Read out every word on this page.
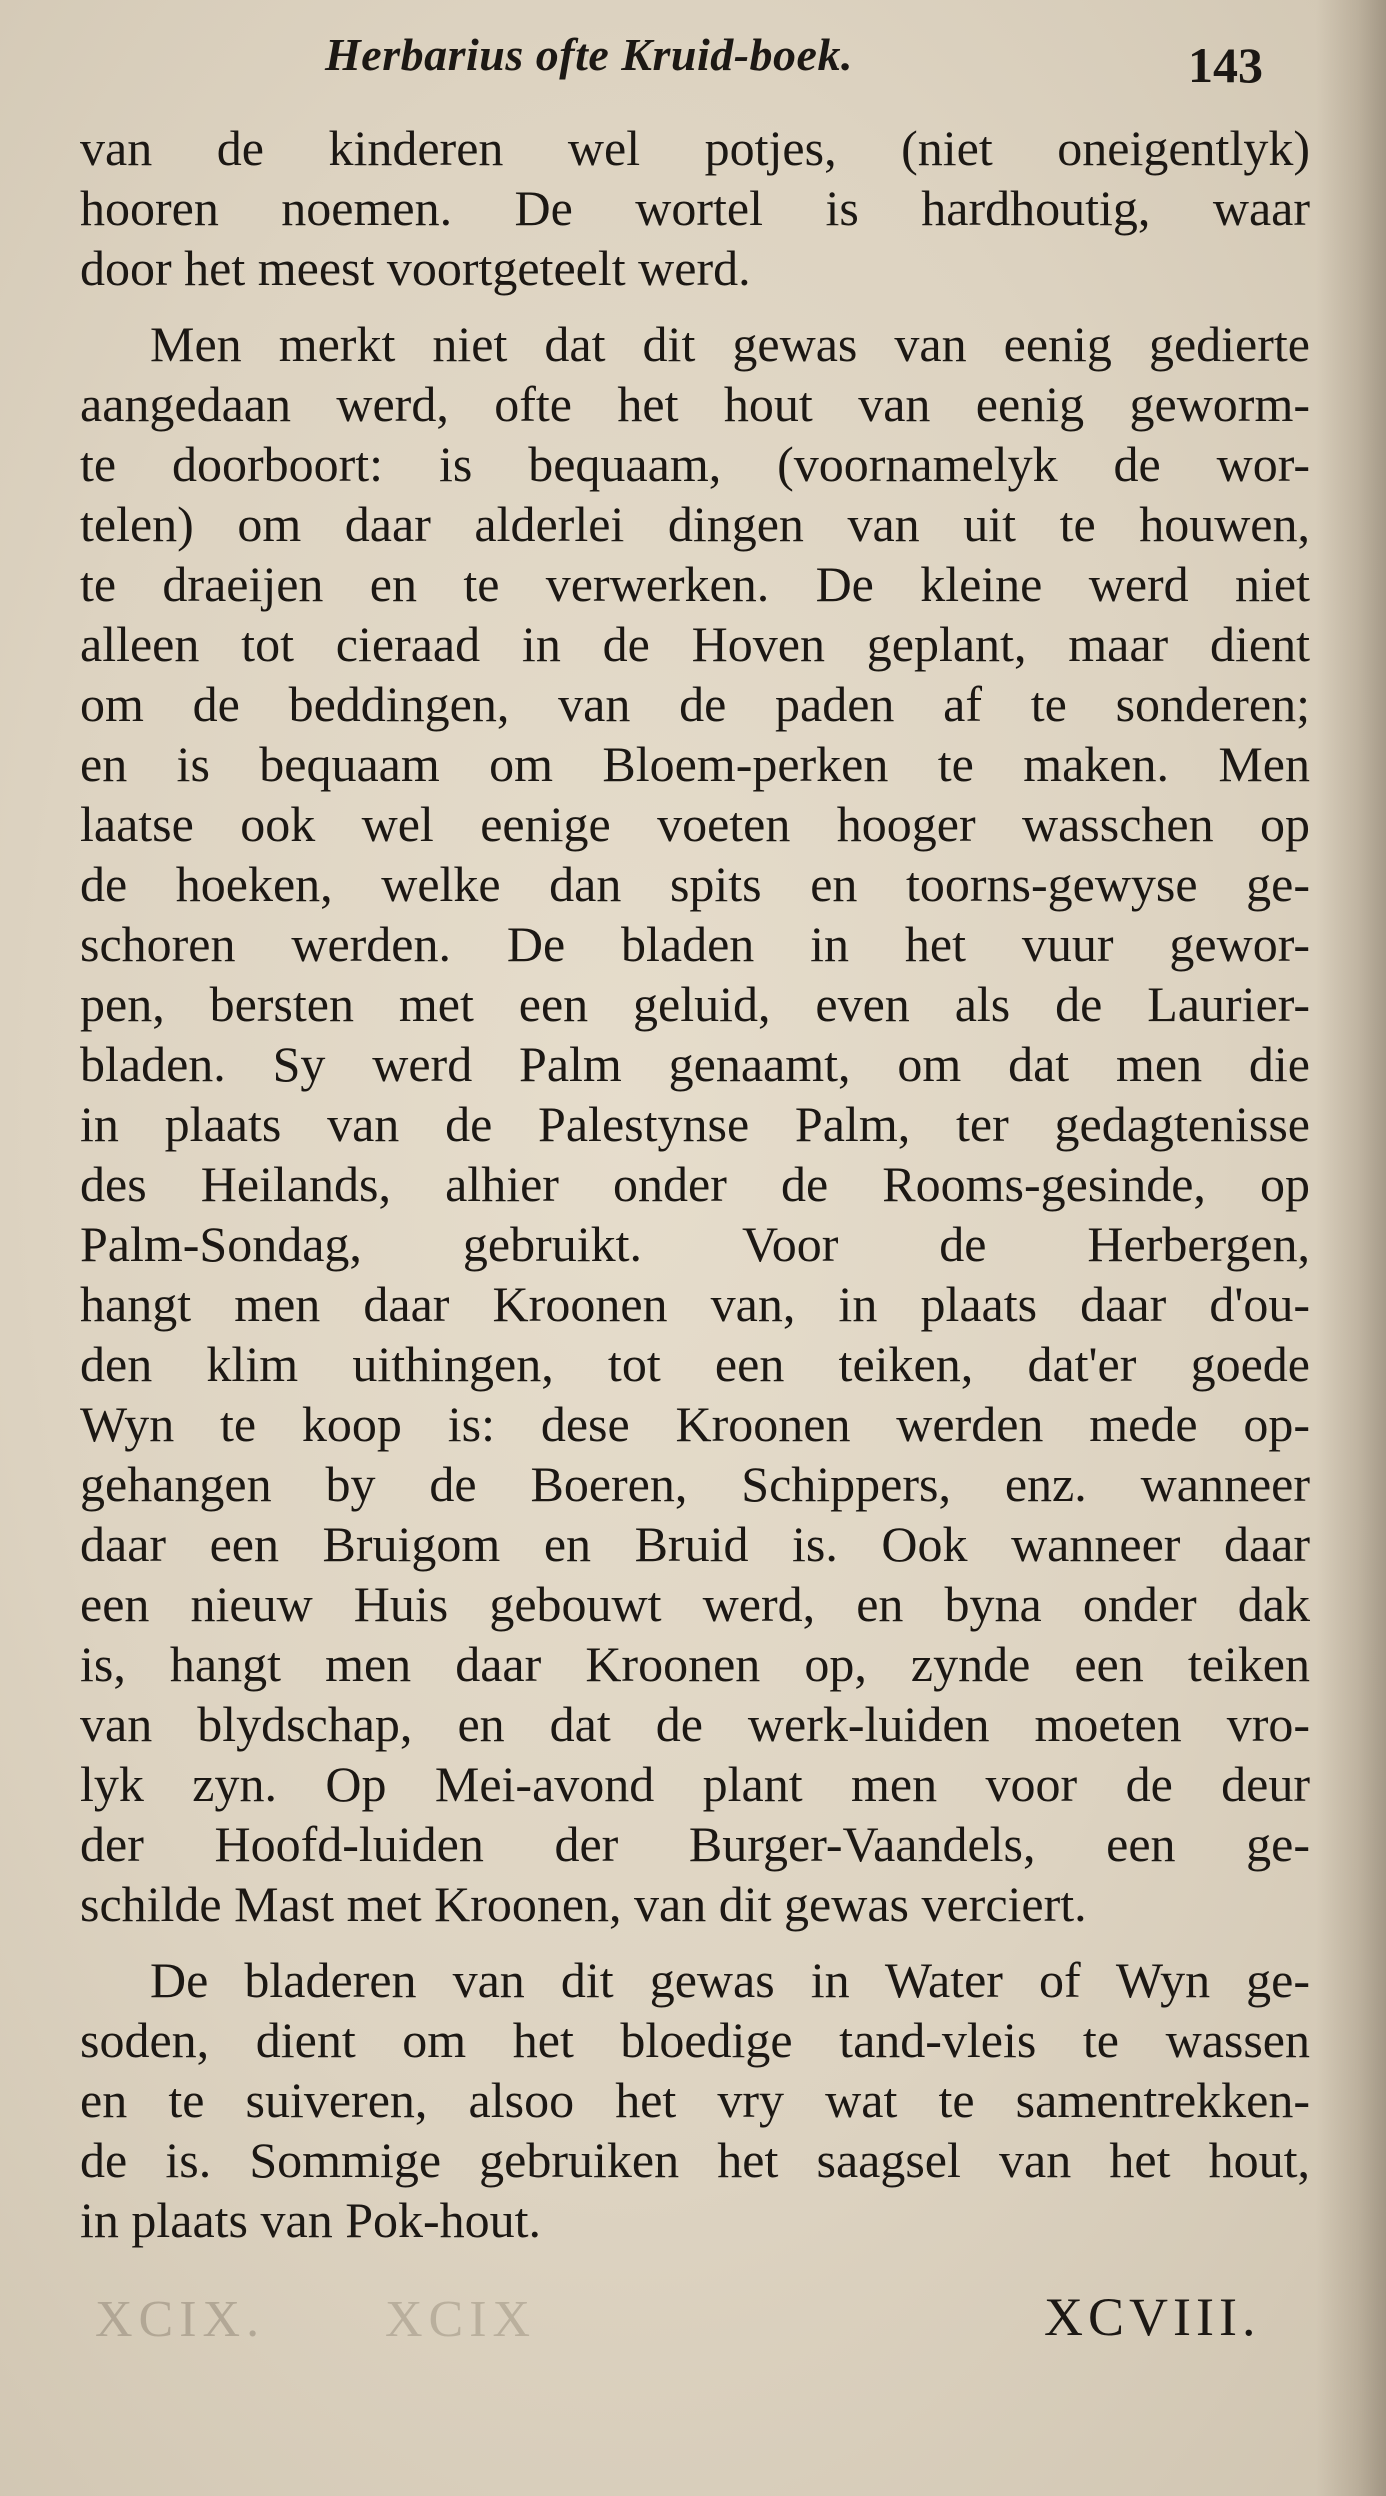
Herbarius ofte Kruid-boek.	143
van de kinderen wel potjes, (niet oneigentlyk)
hooren noemen. De wortel is hardhoutig, waar
door het meest voortgeteelt werd.
Men merkt niet dat dit gewas van eenig gedierte
aangedaan werd, ofte het hout van eenig geworm-
te doorboort: is bequaam, (voornamelyk de wor-
telen) om daar alderlei dingen van uit te houwen,
te draeijen en te verwerken. De kleine werd niet
alleen tot cieraad in de Hoven geplant, maar dient
om de beddingen, van de paden af te sonderen;
en is bequaam om Bloem-perken te maken. Men
laatse ook wel eenige voeten hooger wasschen op
de hoeken, welke dan spits en toorns-gewyse ge-
schoren werden. De bladen in het vuur gewor-
pen, bersten met een geluid, even als de Laurier-
bladen. Sy werd Palm genaamt, om dat men die
in plaats van de Palestynse Palm, ter gedagtenisse
des Heilands, alhier onder de Rooms-gesinde, op
Palm-Sondag, gebruikt. Voor de Herbergen,
hangt men daar Kroonen van, in plaats daar d'ou-
den klim uithingen, tot een teiken, dat'er goede
Wyn te koop is: dese Kroonen werden mede op-
gehangen by de Boeren, Schippers, enz. wanneer
daar een Bruigom en Bruid is. Ook wanneer daar
een nieuw Huis gebouwt werd, en byna onder dak
is, hangt men daar Kroonen op, zynde een teiken
van blydschap, en dat de werk-luiden moeten vro-
lyk zyn. Op Mei-avond plant men voor de deur
der Hoofd-luiden der Burger-Vaandels, een ge-
schilde Mast met Kroonen, van dit gewas verciert.
De bladeren van dit gewas in Water of Wyn ge-
soden, dient om het bloedige tand-vleis te wassen
en te suiveren, alsoo het vry wat te samentrekken-
de is. Sommige gebruiken het saagsel van het hout,
in plaats van Pok-hout.
XCIX. XCIX	XCVIII.
